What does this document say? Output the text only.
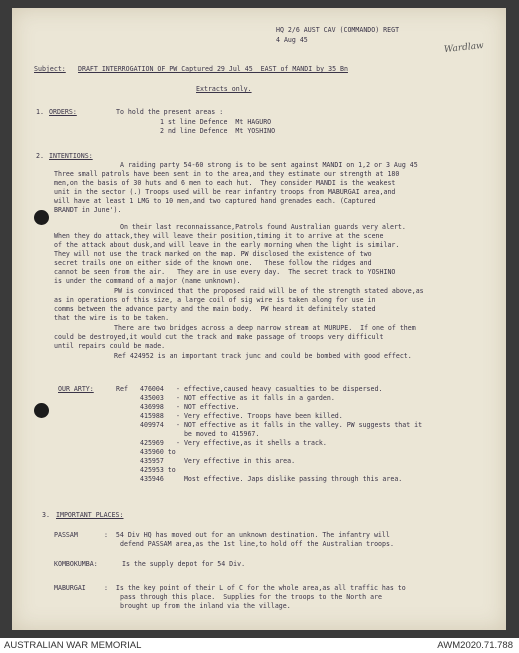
HQ 2/6 AUST CAV (COMMANDO) REGT
4 Aug 45
Wardlaw
Subject: DRAFT INTERROGATION OF PW Captured 29 Jul 45  EAST of MANDI by 35 Bn
Extracts only.
1. ORDERS:	To hold the present areas :
1 st line Defence  Mt HAGURO
2 nd line Defence  Mt YOSHINO
2. INTENTIONS:
A raiding party 54-60 strong is to be sent against MANDI on 1,2 or 3 Aug 45
Three small patrols have been sent in to the area,and they estimate our strength at 180
men,on the basis of 30 huts and 6 men to each hut.  They consider MANDI is the weakest
unit in the sector (.) Troops used will be rear infantry troops from MABURGAI area,and
will have at least 1 LMG to 10 men,and two captured hand grenades each. (Captured
BRANDT in June').
On their last reconnaissance,Patrols found Australian guards very alert.
When they do attack,they will leave their position,timing it to arrive at the scene
of the attack about dusk,and will leave in the early morning when the light is similar.
They will not use the track marked on the map. PW disclosed the existence of two
secret trails one on either side of the known one.   These follow the ridges and
cannot be seen from the air.   They are in use every day.  The secret track to YOSHINO
is under the command of a major (name unknown).
PW is convinced that the proposed raid will be of the strength stated above,as
as in operations of this size, a large coil of sig wire is taken along for use in
comms between the advance party and the main body.  PW heard it definitely stated
that the wire is to be taken.
There are two bridges across a deep narrow stream at MURUPE.  If one of them
could be destroyed,it would cut the track and make passage of troops very difficult
until repairs could be made.
Ref 424952 is an important track junc and could be bombed with good effect.
OUR ARTY:	Ref 476004 - effective,caused heavy casualties to be dispersed.
435003 - NOT effective as it falls in a garden.
436998 - NOT effective.
415988 - Very effective. Troops have been killed.
409974 - NOT effective as it falls in the valley. PW suggests that it
be moved to 415967.
425969 - Very effective,as it shells a track.
435960 to
435957 Very effective in this area.
425953 to
435946 Most effective. Japs dislike passing through this area.
3. IMPORTANT PLACES:
PASSAM	:  54 Div HQ has moved out for an unknown destination. The infantry will
defend PASSAM area,as the 1st line,to hold off the Australian troops.
KOMBOKUMBA:	Is the supply depot for 54 Div.
MABURGAI	:  Is the key point of their L of C for the whole area,as all traffic has to
pass through this place.  Supplies for the troops to the North are
brought up from the inland via the village.
AUSTRALIAN WAR MEMORIAL	AWM2020.71.788
